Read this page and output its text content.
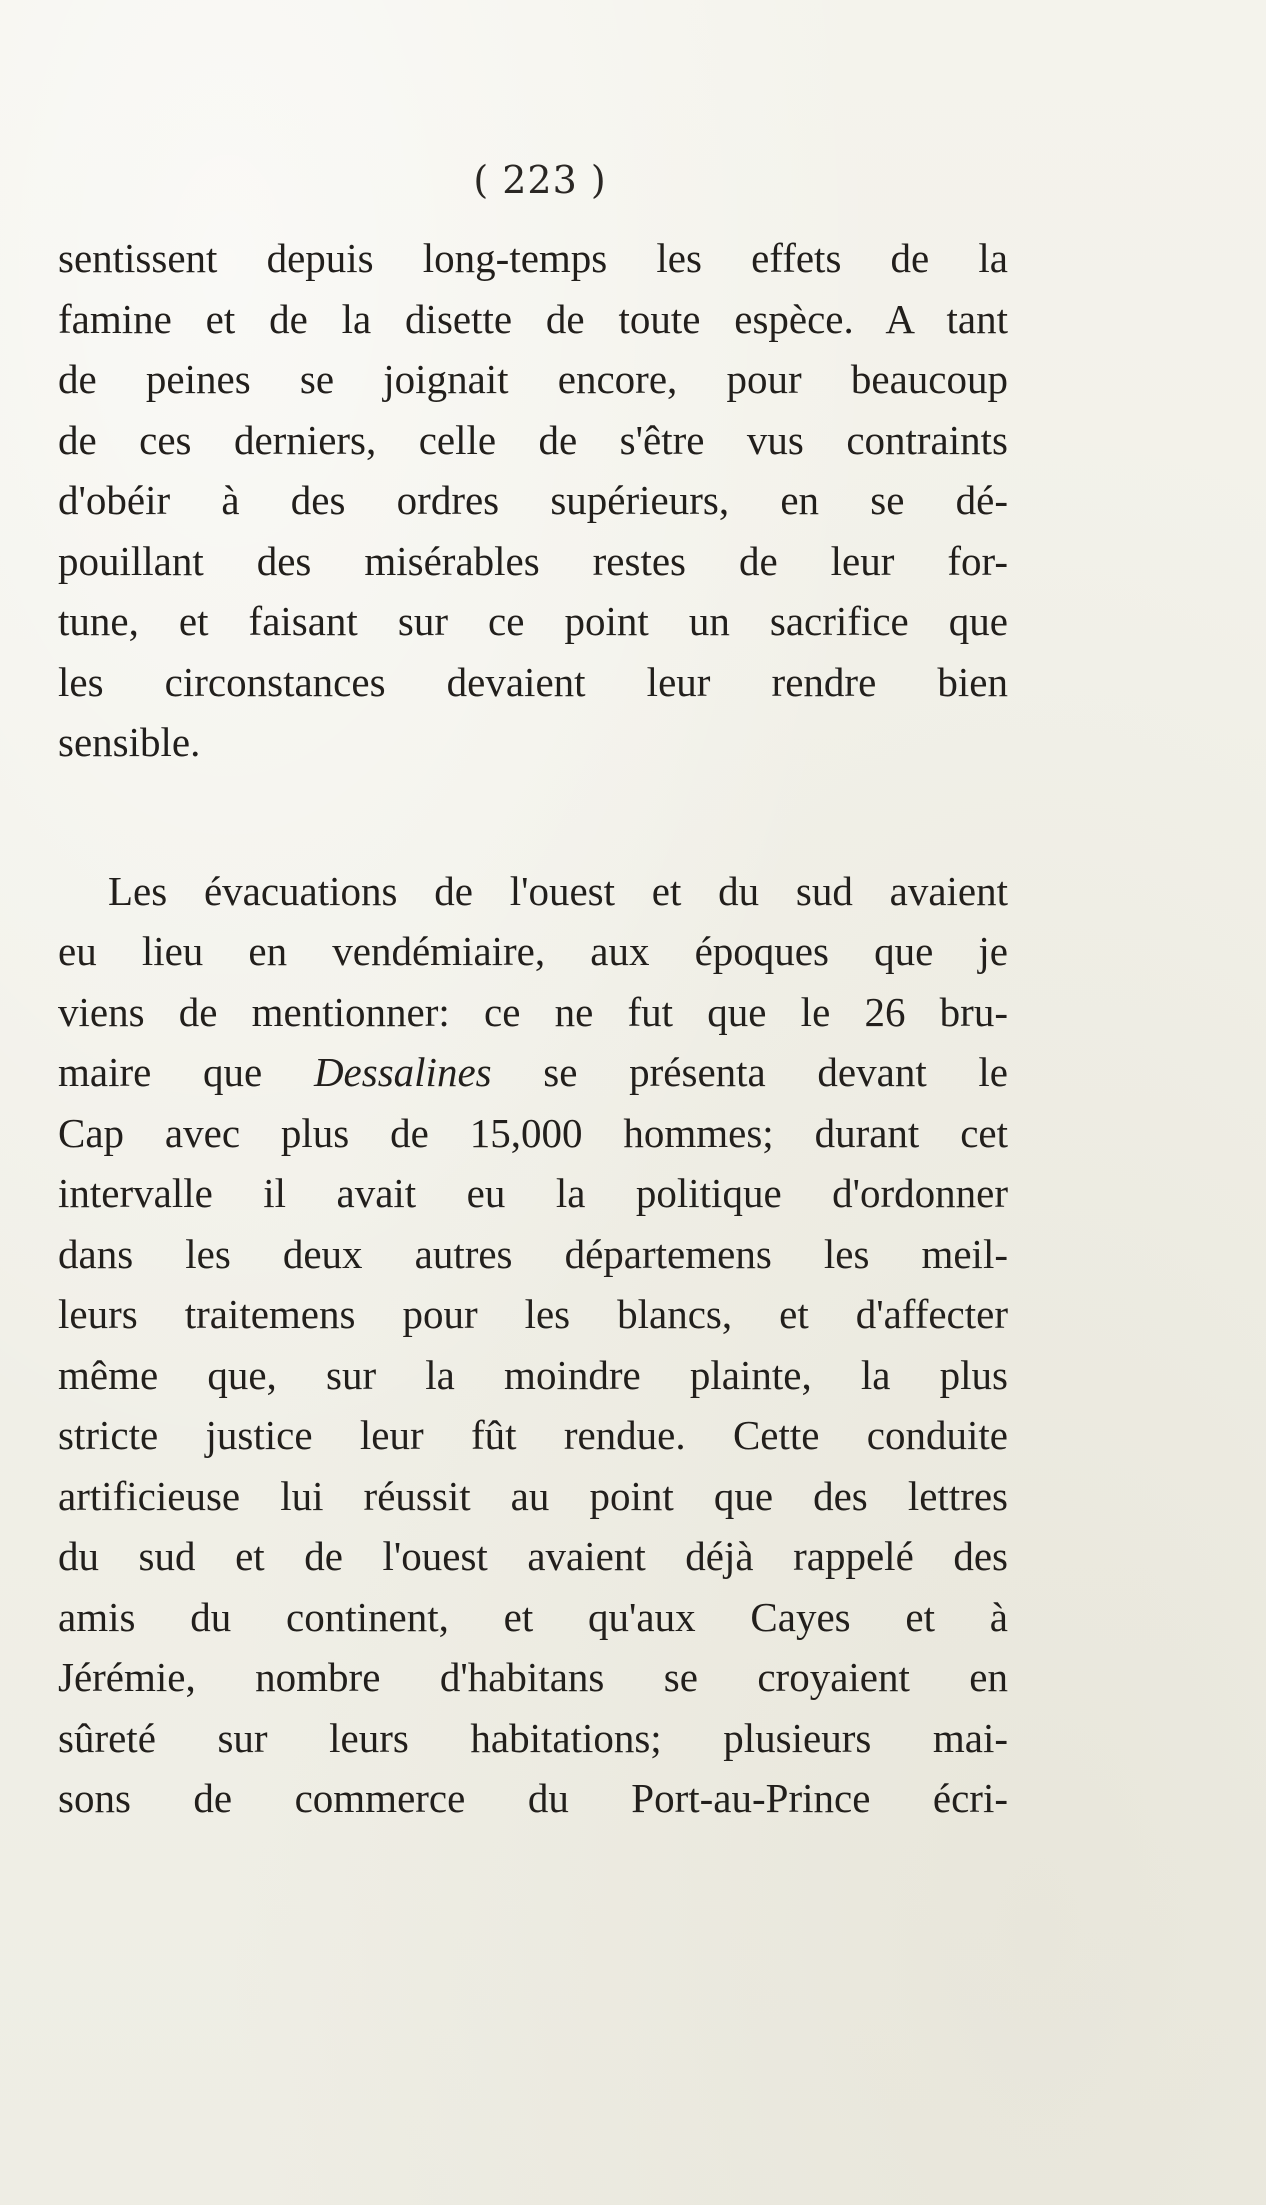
( 223 )
sentissent depuis long-temps les effets de la
famine et de la disette de toute espèce. A tant
de peines se joignait encore, pour beaucoup
de ces derniers, celle de s'être vus contraints
d'obéir à des ordres supérieurs, en se dé-
pouillant des misérables restes de leur for-
tune, et faisant sur ce point un sacrifice que
les circonstances devaient leur rendre bien
sensible.
Les évacuations de l'ouest et du sud avaient
eu lieu en vendémiaire, aux époques que je
viens de mentionner: ce ne fut que le 26 bru-
maire que Dessalines se présenta devant le
Cap avec plus de 15,000 hommes; durant cet
intervalle il avait eu la politique d'ordonner
dans les deux autres départemens les meil-
leurs traitemens pour les blancs, et d'affecter
même que, sur la moindre plainte, la plus
stricte justice leur fût rendue. Cette conduite
artificieuse lui réussit au point que des lettres
du sud et de l'ouest avaient déjà rappelé des
amis du continent, et qu'aux Cayes et à
Jérémie, nombre d'habitans se croyaient en
sûreté sur leurs habitations; plusieurs mai-
sons de commerce du Port-au-Prince écri-
